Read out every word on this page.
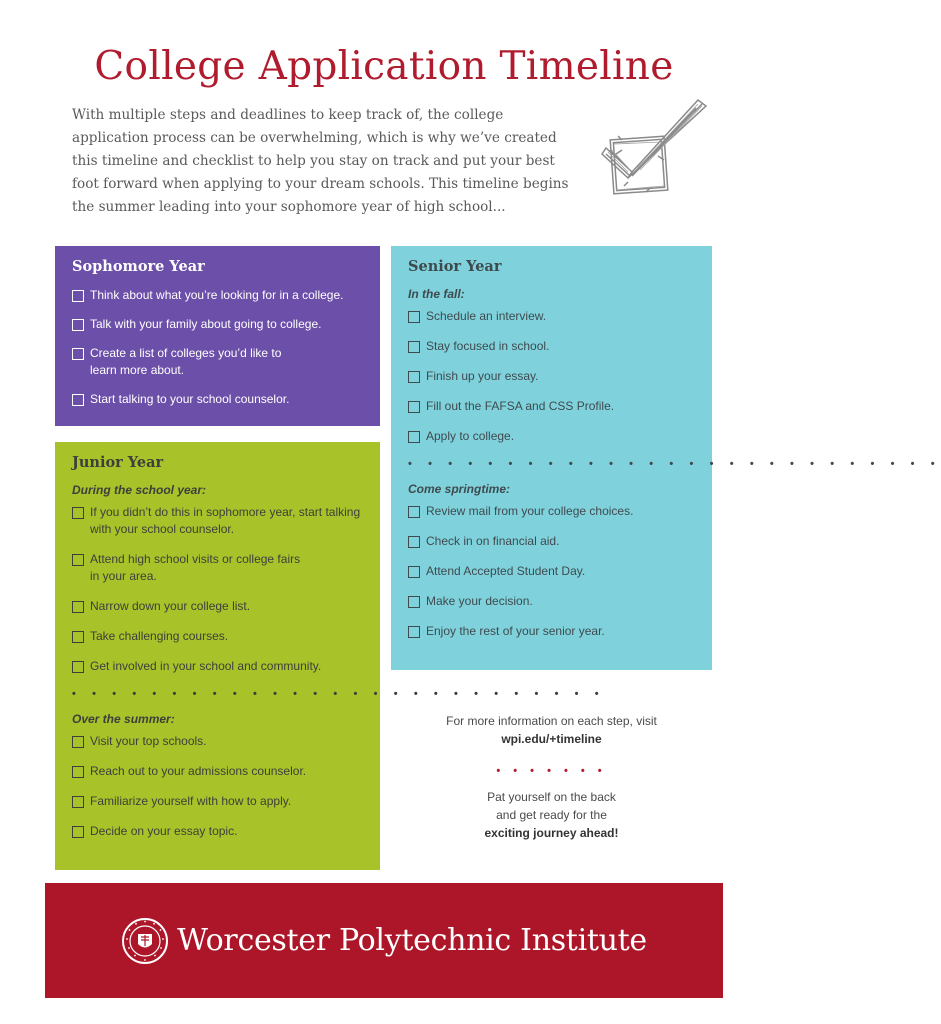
College Application Timeline
With multiple steps and deadlines to keep track of, the college application process can be overwhelming, which is why we’ve created this timeline and checklist to help you stay on track and put your best foot forward when applying to your dream schools. This timeline begins the summer leading into your sophomore year of high school...
Sophomore Year
Think about what you’re looking for in a college.
Talk with your family about going to college.
Create a list of colleges you’d like to
learn more about.
Start talking to your school counselor.
Junior Year
During the school year:
If you didn’t do this in sophomore year, start talking
with your school counselor.
Attend high school visits or college fairs
in your area.
Narrow down your college list.
Take challenging courses.
Get involved in your school and community.
• • • • • • • • • • • • • • • • • • • • • • • • • • •
Over the summer:
Visit your top schools.
Reach out to your admissions counselor.
Familiarize yourself with how to apply.
Decide on your essay topic.
Senior Year
In the fall:
Schedule an interview.
Stay focused in school.
Finish up your essay.
Fill out the FAFSA and CSS Profile.
Apply to college.
• • • • • • • • • • • • • • • • • • • • • • • • • • •
Come springtime:
Review mail from your college choices.
Check in on financial aid.
Attend Accepted Student Day.
Make your decision.
Enjoy the rest of your senior year.
For more information on each step, visit
wpi.edu/+timeline
• • • • • • •
Pat yourself on the back
and get ready for the
exciting journey ahead!
Worcester Polytechnic Institute
